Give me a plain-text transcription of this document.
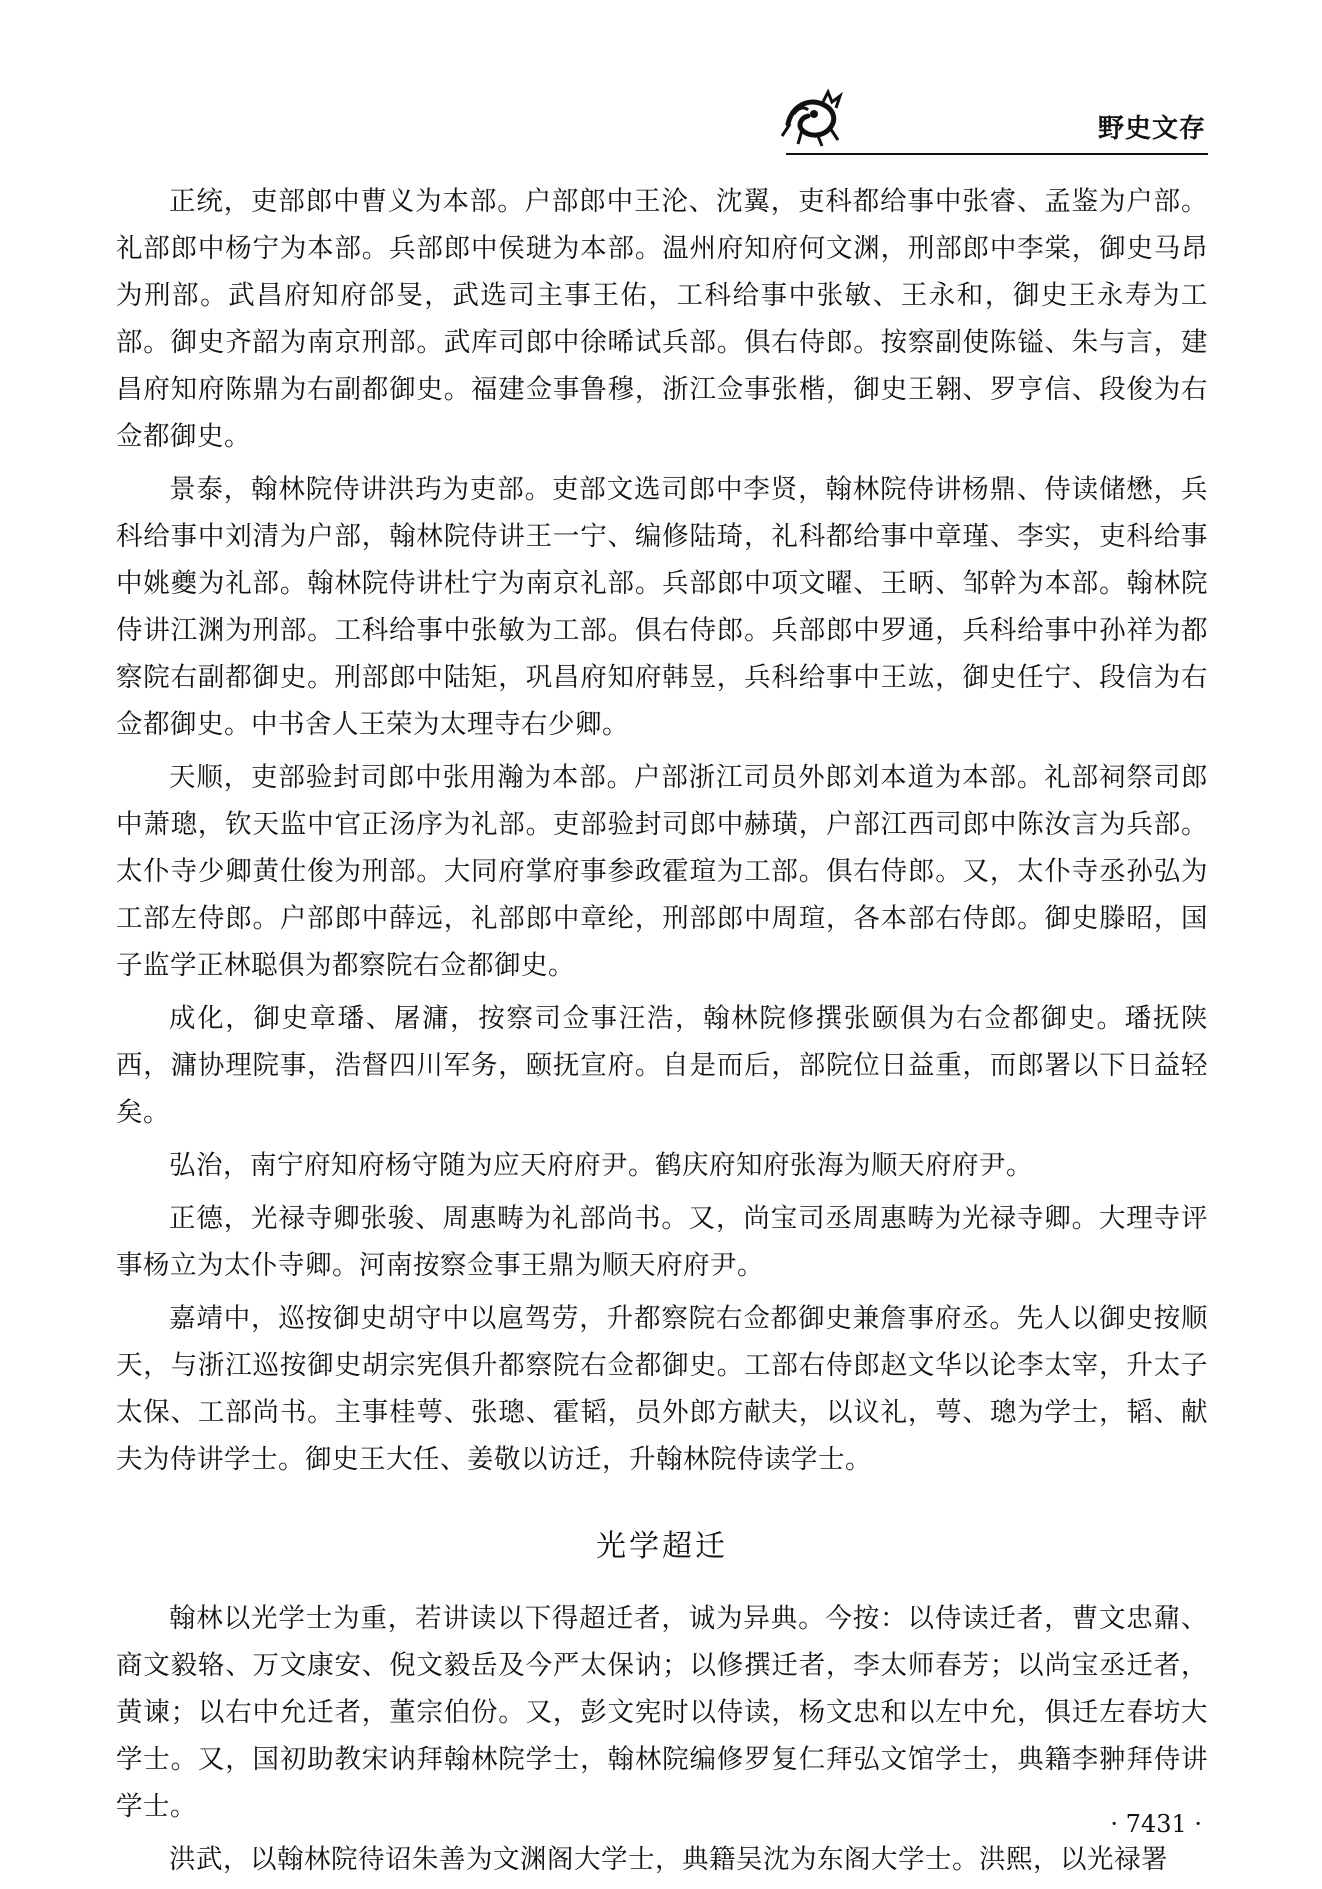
野史文存

正统，吏部郎中曹义为本部。户部郎中王沦、沈翼，吏科都给事中张睿、孟鉴为户部。礼部郎中杨宁为本部。兵部郎中侯琎为本部。温州府知府何文渊，刑部郎中李棠，御史马昂为刑部。武昌府知府郃旻，武选司主事王佑，工科给事中张敏、王永和，御史王永寿为工部。御史齐韶为南京刑部。武库司郎中徐晞试兵部。俱右侍郎。按察副使陈镒、朱与言，建昌府知府陈鼎为右副都御史。福建佥事鲁穆，浙江佥事张楷，御史王翱、罗亨信、段俊为右佥都御史。

景泰，翰林院侍讲洪玙为吏部。吏部文选司郎中李贤，翰林院侍讲杨鼎、侍读储懋，兵科给事中刘清为户部，翰林院侍讲王一宁、编修陆琦，礼科都给事中章瑾、李实，吏科给事中姚夔为礼部。翰林院侍讲杜宁为南京礼部。兵部郎中项文曜、王昞、邹幹为本部。翰林院侍讲江渊为刑部。工科给事中张敏为工部。俱右侍郎。兵部郎中罗通，兵科给事中孙祥为都察院右副都御史。刑部郎中陆矩，巩昌府知府韩昱，兵科给事中王竑，御史任宁、段信为右佥都御史。中书舍人王荣为太理寺右少卿。

天顺，吏部验封司郎中张用瀚为本部。户部浙江司员外郎刘本道为本部。礼部祠祭司郎中萧璁，钦天监中官正汤序为礼部。吏部验封司郎中赫璜，户部江西司郎中陈汝言为兵部。太仆寺少卿黄仕俊为刑部。大同府掌府事参政霍瑄为工部。俱右侍郎。又，太仆寺丞孙弘为工部左侍郎。户部郎中薛远，礼部郎中章纶，刑部郎中周瑄，各本部右侍郎。御史滕昭，国子监学正林聪俱为都察院右佥都御史。

成化，御史章璠、屠滽，按察司佥事汪浩，翰林院修撰张颐俱为右佥都御史。璠抚陕西，滽协理院事，浩督四川军务，颐抚宣府。自是而后，部院位日益重，而郎署以下日益轻矣。

弘治，南宁府知府杨守随为应天府府尹。鹤庆府知府张海为顺天府府尹。

正德，光禄寺卿张骏、周惠畴为礼部尚书。又，尚宝司丞周惠畴为光禄寺卿。大理寺评事杨立为太仆寺卿。河南按察佥事王鼎为顺天府府尹。

嘉靖中，巡按御史胡守中以扈驾劳，升都察院右佥都御史兼詹事府丞。先人以御史按顺天，与浙江巡按御史胡宗宪俱升都察院右佥都御史。工部右侍郎赵文华以论李太宰，升太子太保、工部尚书。主事桂萼、张璁、霍韬，员外郎方献夫，以议礼，萼、璁为学士，韬、献夫为侍讲学士。御史王大任、姜敬以访迁，升翰林院侍读学士。

光学超迁

翰林以光学士为重，若讲读以下得超迁者，诚为异典。今按：以侍读迁者，曹文忠鼐、商文毅辂、万文康安、倪文毅岳及今严太保讷；以修撰迁者，李太师春芳；以尚宝丞迁者，黄谏；以右中允迁者，董宗伯份。又，彭文宪时以侍读，杨文忠和以左中允，俱迁左春坊大学士。又，国初助教宋讷拜翰林院学士，翰林院编修罗复仁拜弘文馆学士，典籍李翀拜侍讲学士。

洪武，以翰林院待诏朱善为文渊阁大学士，典籍吴沈为东阁大学士。洪熙，以光禄署

· 7431 ·
